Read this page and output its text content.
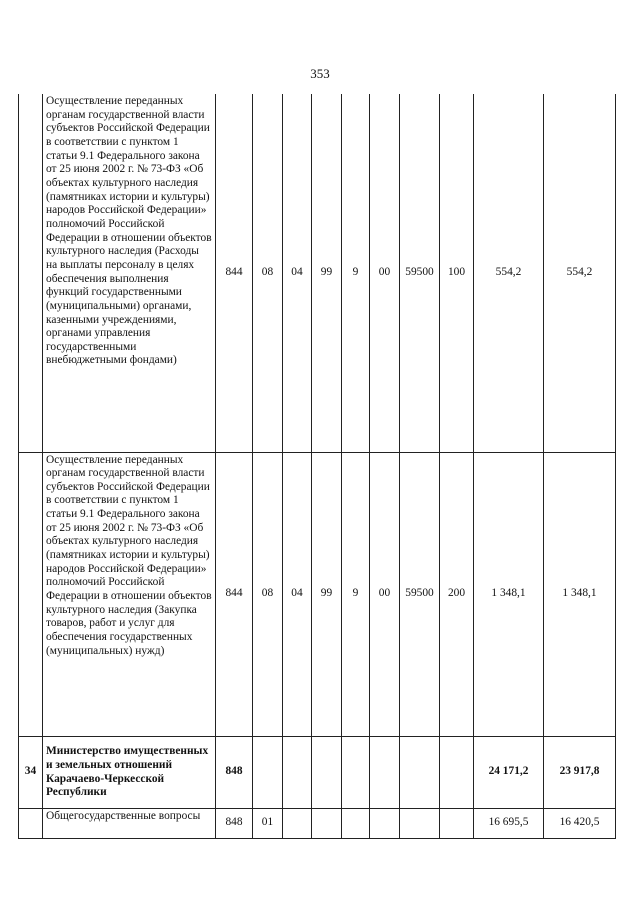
353
	Осуществление переданных органам государственной власти субъектов Российской Федерации в соответствии с пунктом 1 статьи 9.1 Федерального закона от 25 июня 2002 г. № 73-ФЗ «Об объектах культурного наследия (памятниках истории и культуры) народов Российской Федерации» полномочий Российской Федерации в отношении объектов культурного наследия (Расходы на выплаты персоналу в целях обеспечения выполнения функций государственными (муниципальными) органами, казенными учреждениями, органами управления государственными внебюджетными фондами)	844	08	04	99	9	00	59500	100	554,2	554,2
	Осуществление переданных органам государственной власти субъектов Российской Федерации в соответствии с пунктом 1 статьи 9.1 Федерального закона от 25 июня 2002 г. № 73-ФЗ «Об объектах культурного наследия (памятниках истории и культуры) народов Российской Федерации» полномочий Российской Федерации в отношении объектов культурного наследия (Закупка товаров, работ и услуг для обеспечения государственных (муниципальных) нужд)	844	08	04	99	9	00	59500	200	1 348,1	1 348,1
34	Министерство имущественных и земельных отношений Карачаево-Черкесской Республики	848								24 171,2	23 917,8
	Общегосударственные вопросы	848	01							16 695,5	16 420,5
